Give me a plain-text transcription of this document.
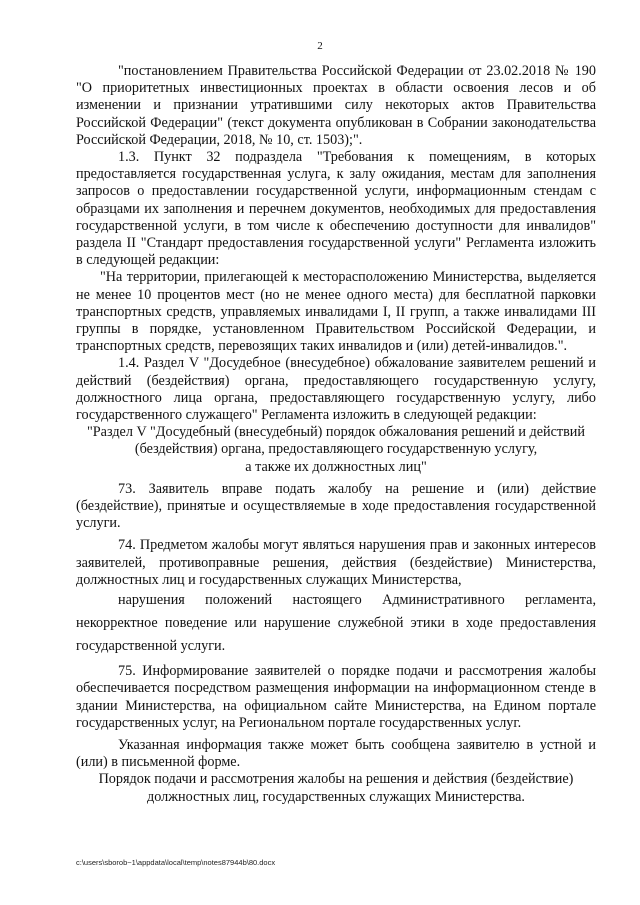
2

"постановлением Правительства Российской Федерации от 23.02.2018 № 190 "О приоритетных инвестиционных проектах в области освоения лесов и об изменении и признании утратившими силу некоторых актов Правительства Российской Федерации" (текст документа опубликован в Собрании законодательства Российской Федерации, 2018, № 10, ст. 1503);".

1.3. Пункт 32 подраздела "Требования к помещениям, в которых предоставляется государственная услуга, к залу ожидания, местам для заполнения запросов о предоставлении государственной услуги, информационным стендам с образцами их заполнения и перечнем документов, необходимых для предоставления государственной услуги, в том числе к обеспечению доступности для инвалидов" раздела II "Стандарт предоставления государственной услуги" Регламента изложить в следующей редакции:

"На территории, прилегающей к месторасположению Министерства, выделяется не менее 10 процентов мест (но не менее одного места) для бесплатной парковки транспортных средств, управляемых инвалидами I, II групп, а также инвалидами III группы в порядке, установленном Правительством Российской Федерации, и транспортных средств, перевозящих таких инвалидов и (или) детей-инвалидов.".

1.4. Раздел V "Досудебное (внесудебное) обжалование заявителем решений и действий (бездействия) органа, предоставляющего государственную услугу, должностного лица органа, предоставляющего государственную услугу, либо государственного служащего" Регламента изложить в следующей редакции:

"Раздел V "Досудебный (внесудебный) порядок обжалования решений и действий (бездействия) органа, предоставляющего государственную услугу,

а также их должностных лиц"

73. Заявитель вправе подать жалобу на решение и (или) действие (бездействие), принятые и осуществляемые в ходе предоставления государственной услуги.

74. Предметом жалобы могут являться нарушения прав и законных интересов заявителей, противоправные решения, действия (бездействие) Министерства, должностных лиц и государственных служащих Министерства,

нарушения положений настоящего Административного регламента, некорректное поведение или нарушение служебной этики в ходе предоставления государственной услуги.

75. Информирование заявителей о порядке подачи и рассмотрения жалобы обеспечивается посредством размещения информации на информационном стенде в здании Министерства, на официальном сайте Министерства, на Едином портале государственных услуг, на Региональном портале государственных услуг.

Указанная информация также может быть сообщена заявителю в устной и (или) в письменной форме.

Порядок подачи и рассмотрения жалобы на решения и действия (бездействие) должностных лиц, государственных служащих Министерства.

c:\users\sborob~1\appdata\local\temp\notes87944b\80.docx
